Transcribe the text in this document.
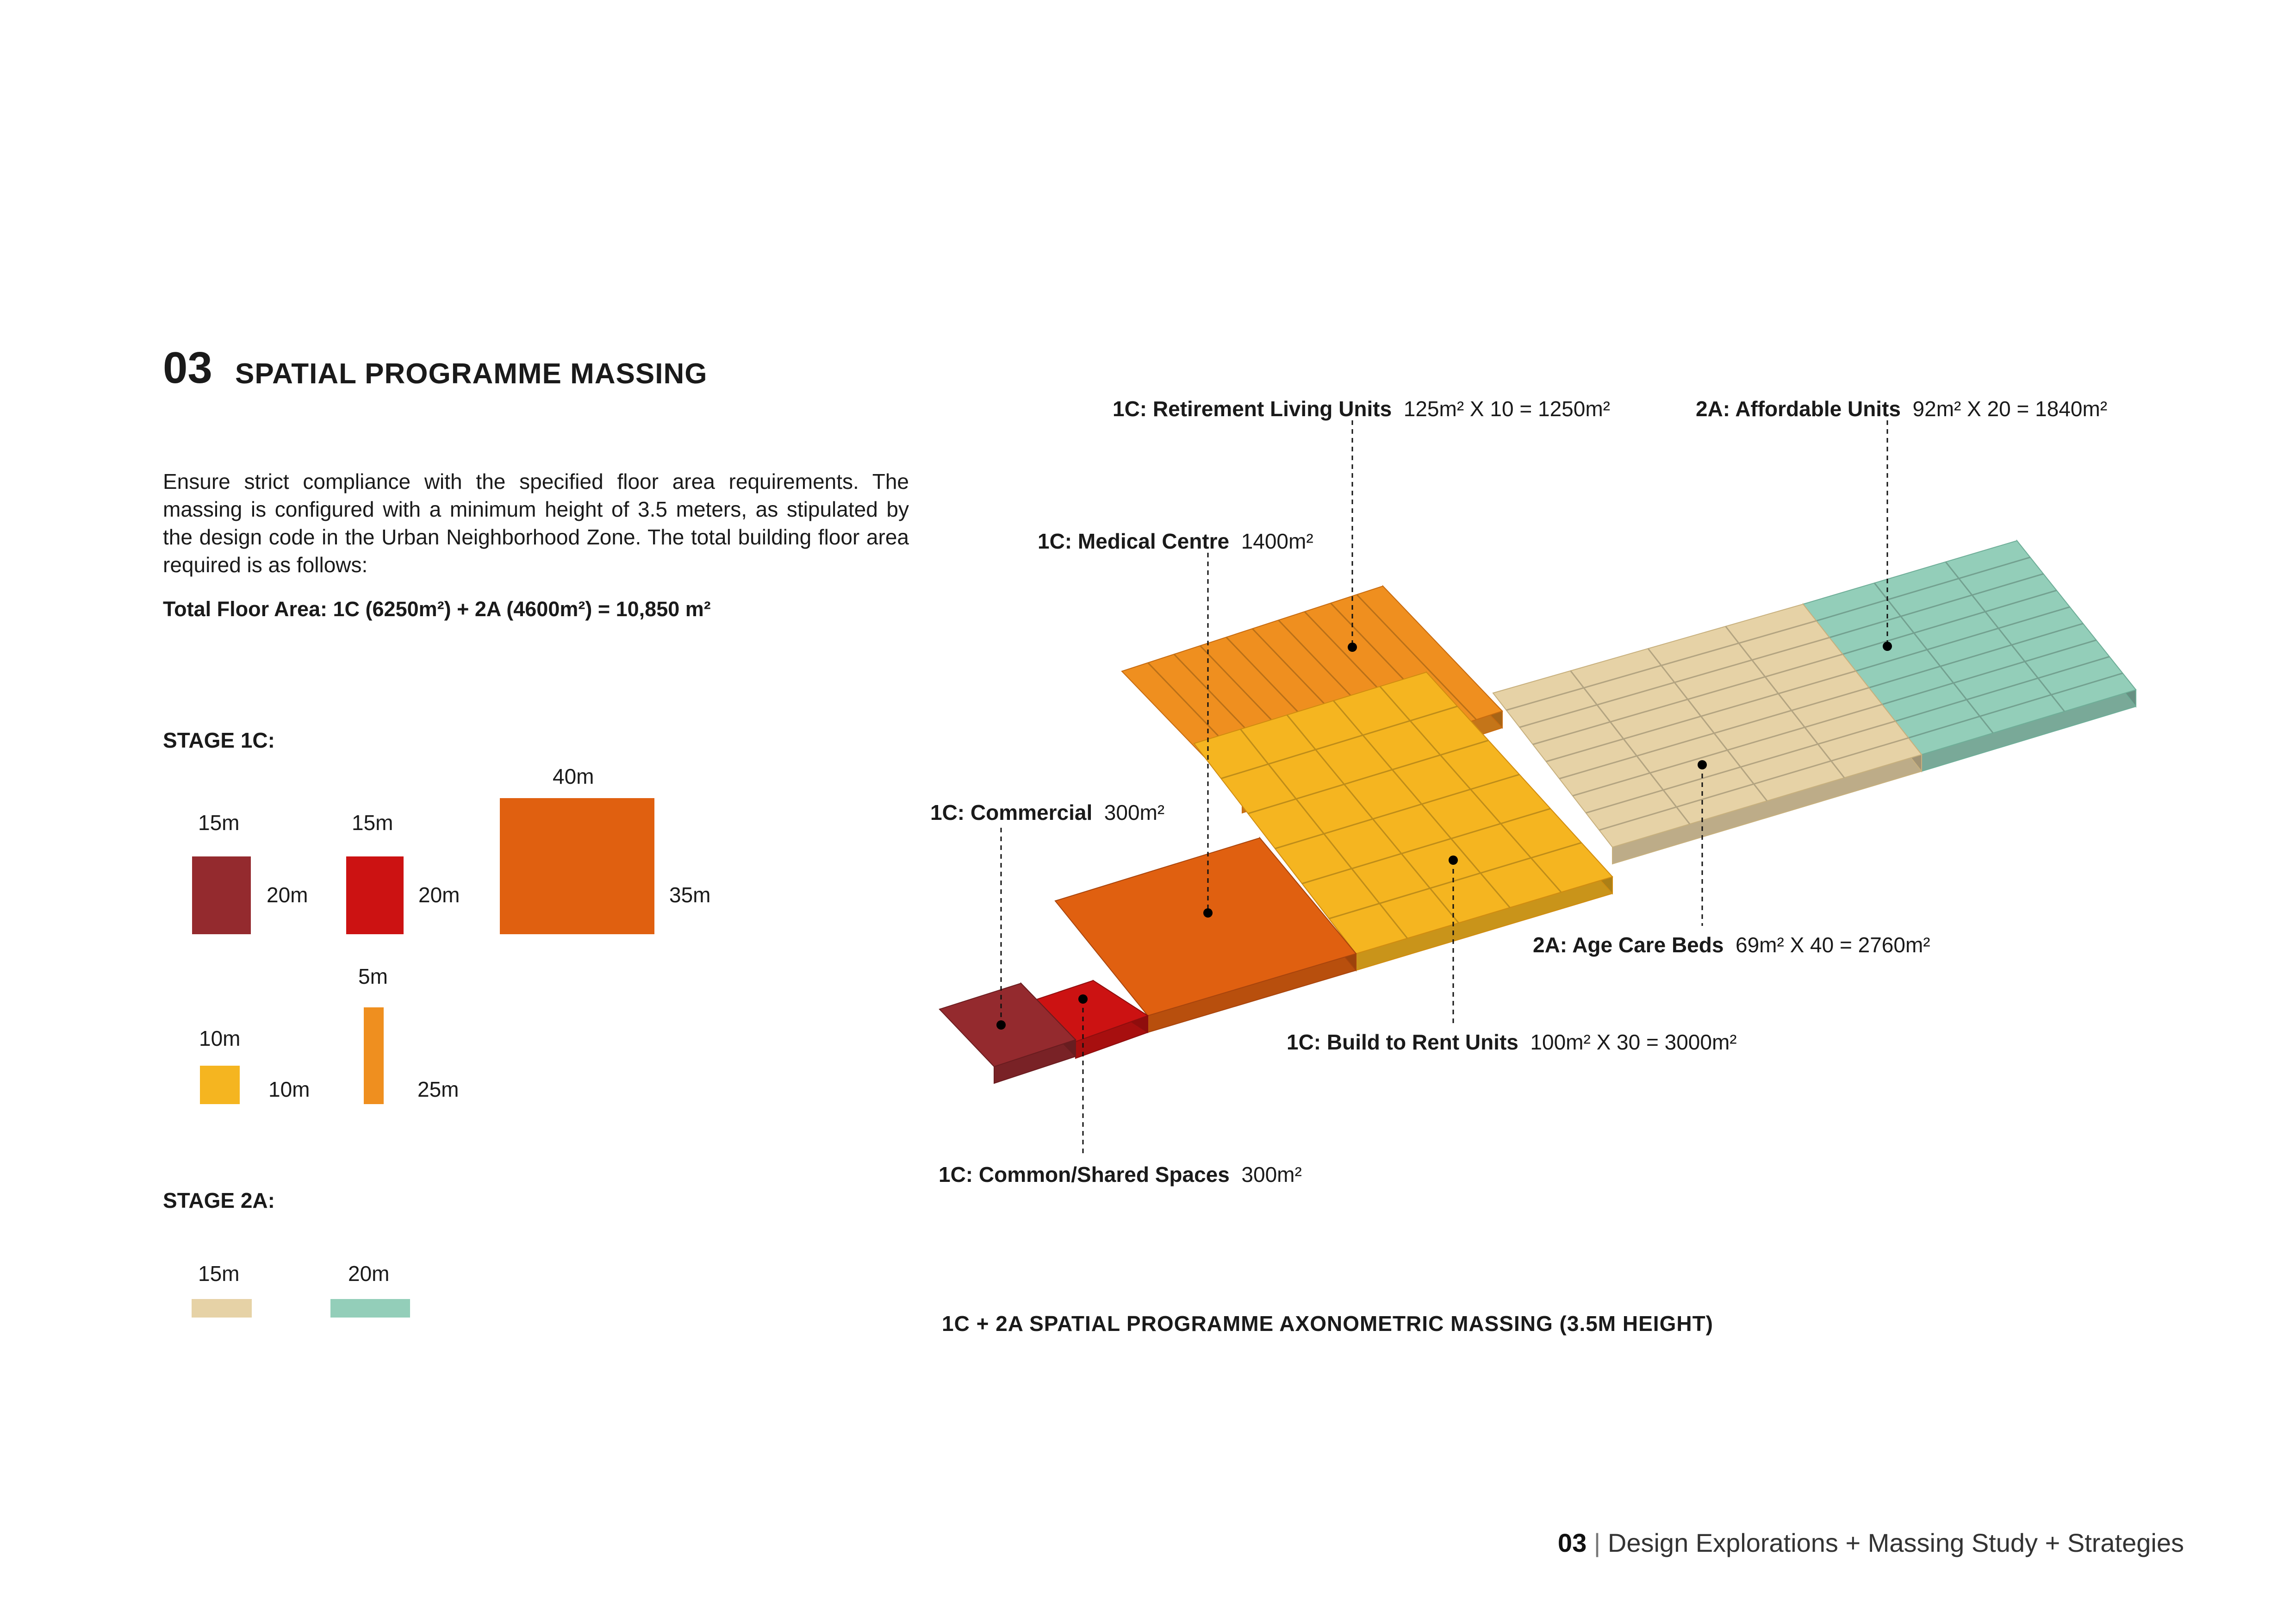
03 SPATIAL PROGRAMME MASSING
Ensure strict compliance with the specified floor area requirements. The massing is configured with a minimum height of 3.5 meters, as stipulated by the design code in the Urban Neighborhood Zone. The total building floor area required is as follows:
Total Floor Area: 1C (6250m²) + 2A (4600m²) = 10,850 m²
STAGE 1C:
15m
20m
15m
20m
40m
35m
10m
10m
5m
25m
STAGE 2A:
15m	20m
1C: Retirement Living Units 125m² X 10 = 1250m²	2A: Affordable Units 92m² X 20 = 1840m²
1C: Medical Centre 1400m²
1C: Commercial 300m²
2A: Age Care Beds 69m² X 40 = 2760m²
1C: Build to Rent Units 100m² X 30 = 3000m²
1C: Common/Shared Spaces 300m²
1C + 2A SPATIAL PROGRAMME AXONOMETRIC MASSING (3.5M HEIGHT)
03 | Design Explorations + Massing Study + Strategies
